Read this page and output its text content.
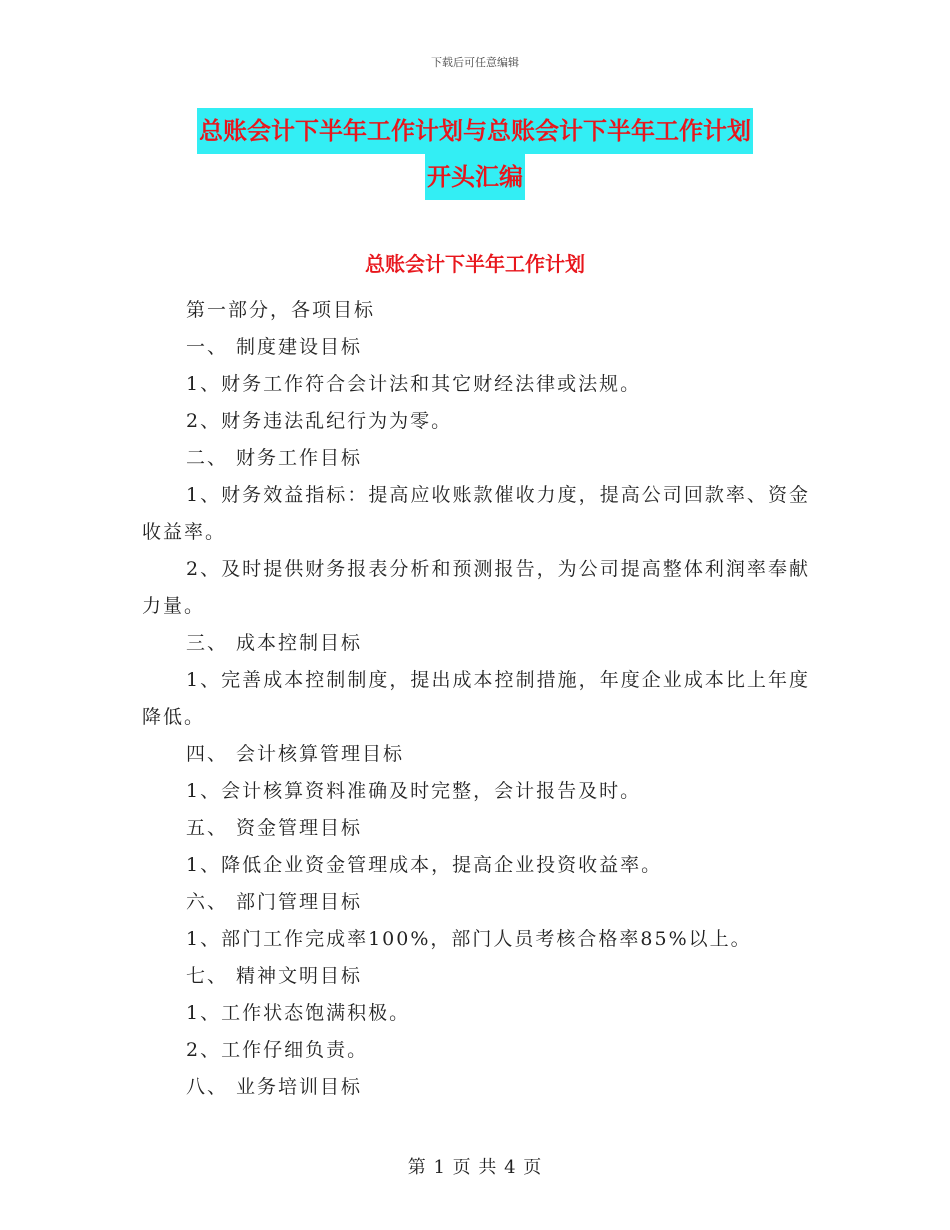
下载后可任意编辑
总账会计下半年工作计划与总账会计下半年工作计划
开头汇编
总账会计下半年工作计划

第一部分，各项目标

一、 制度建设目标

1、财务工作符合会计法和其它财经法律或法规。

2、财务违法乱纪行为为零。

二、 财务工作目标

1、财务效益指标：提高应收账款催收力度，提高公司回款率、资金收益率。

2、及时提供财务报表分析和预测报告，为公司提高整体利润率奉献力量。

三、 成本控制目标

1、完善成本控制制度，提出成本控制措施，年度企业成本比上年度降低。

四、 会计核算管理目标

1、会计核算资料准确及时完整，会计报告及时。

五、 资金管理目标

1、降低企业资金管理成本，提高企业投资收益率。

六、 部门管理目标

1、部门工作完成率100%，部门人员考核合格率85%以上。

七、 精神文明目标

1、工作状态饱满积极。

2、工作仔细负责。

八、 业务培训目标

第 1 页 共 4 页
